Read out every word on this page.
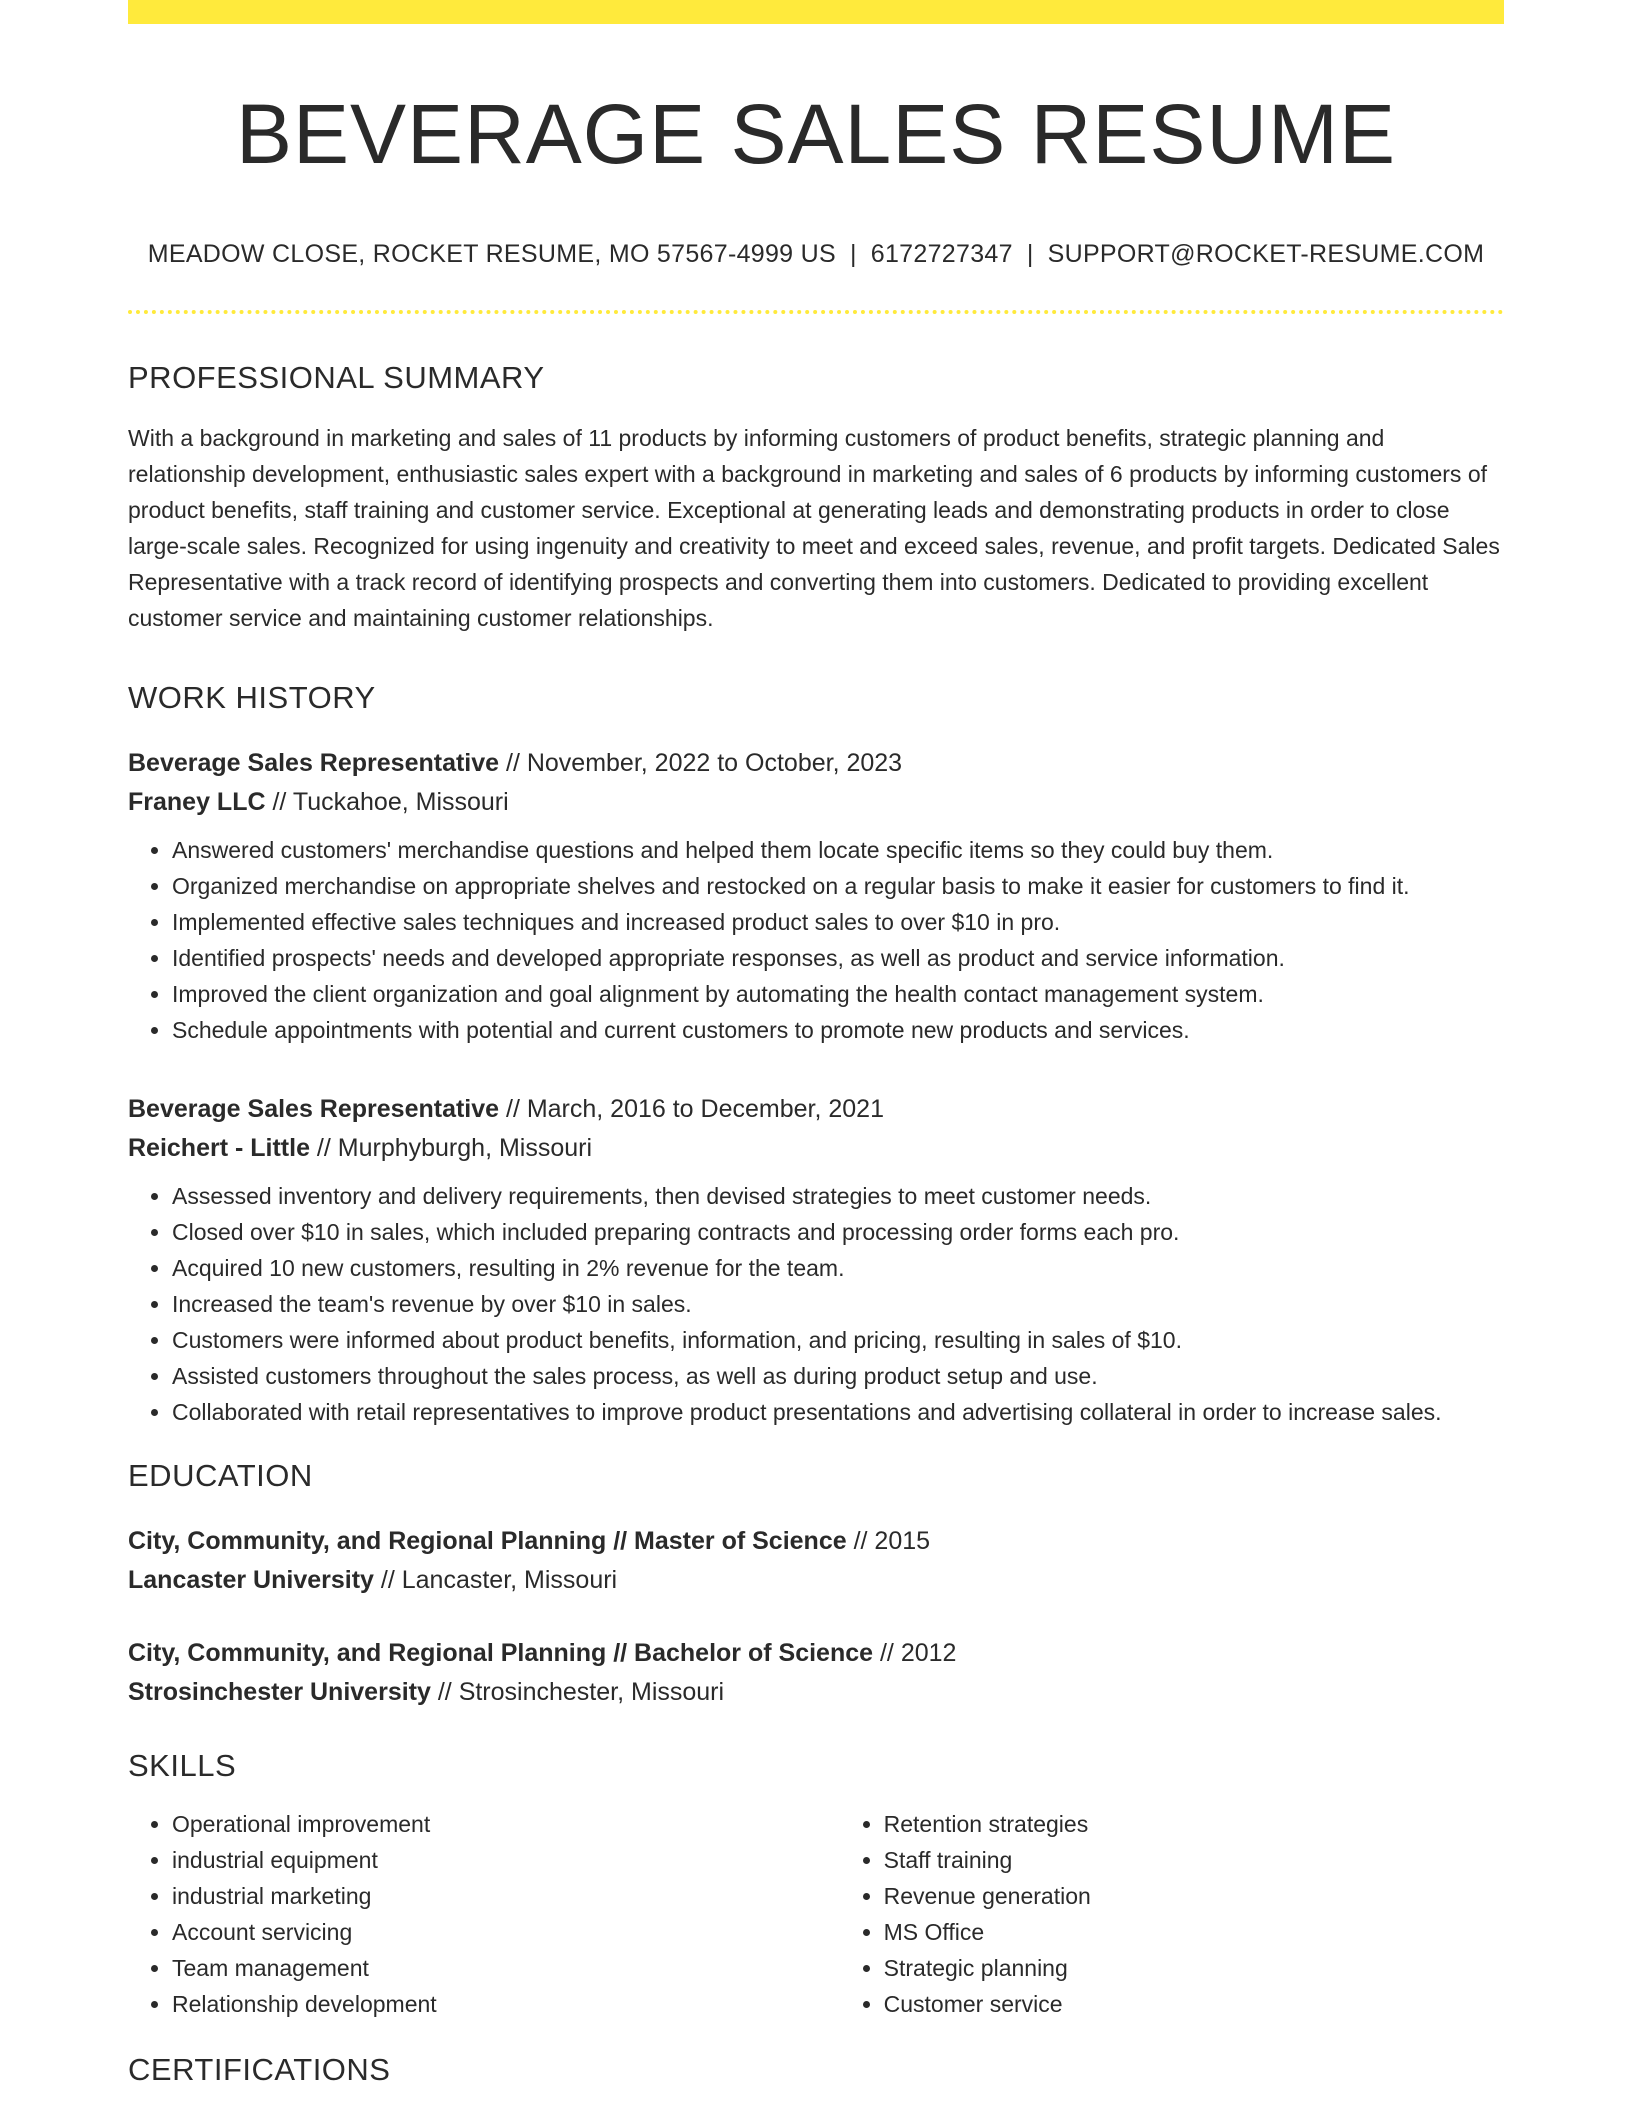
BEVERAGE SALES RESUME
MEADOW CLOSE, ROCKET RESUME, MO 57567-4999 US | 6172727347 | SUPPORT@ROCKET-RESUME.COM
PROFESSIONAL SUMMARY
With a background in marketing and sales of 11 products by informing customers of product benefits, strategic planning and relationship development, enthusiastic sales expert with a background in marketing and sales of 6 products by informing customers of product benefits, staff training and customer service. Exceptional at generating leads and demonstrating products in order to close large-scale sales. Recognized for using ingenuity and creativity to meet and exceed sales, revenue, and profit targets. Dedicated Sales Representative with a track record of identifying prospects and converting them into customers. Dedicated to providing excellent customer service and maintaining customer relationships.
WORK HISTORY
Beverage Sales Representative // November, 2022 to October, 2023
Franey LLC // Tuckahoe, Missouri
• Answered customers' merchandise questions and helped them locate specific items so they could buy them.
• Organized merchandise on appropriate shelves and restocked on a regular basis to make it easier for customers to find it.
• Implemented effective sales techniques and increased product sales to over $10 in pro.
• Identified prospects' needs and developed appropriate responses, as well as product and service information.
• Improved the client organization and goal alignment by automating the health contact management system.
• Schedule appointments with potential and current customers to promote new products and services.
Beverage Sales Representative // March, 2016 to December, 2021
Reichert - Little // Murphyburgh, Missouri
• Assessed inventory and delivery requirements, then devised strategies to meet customer needs.
• Closed over $10 in sales, which included preparing contracts and processing order forms each pro.
• Acquired 10 new customers, resulting in 2% revenue for the team.
• Increased the team's revenue by over $10 in sales.
• Customers were informed about product benefits, information, and pricing, resulting in sales of $10.
• Assisted customers throughout the sales process, as well as during product setup and use.
• Collaborated with retail representatives to improve product presentations and advertising collateral in order to increase sales.
EDUCATION
City, Community, and Regional Planning // Master of Science // 2015
Lancaster University // Lancaster, Missouri
City, Community, and Regional Planning // Bachelor of Science // 2012
Strosinchester University // Strosinchester, Missouri
SKILLS
• Operational improvement
• industrial equipment
• industrial marketing
• Account servicing
• Team management
• Relationship development
• Retention strategies
• Staff training
• Revenue generation
• MS Office
• Strategic planning
• Customer service
CERTIFICATIONS
